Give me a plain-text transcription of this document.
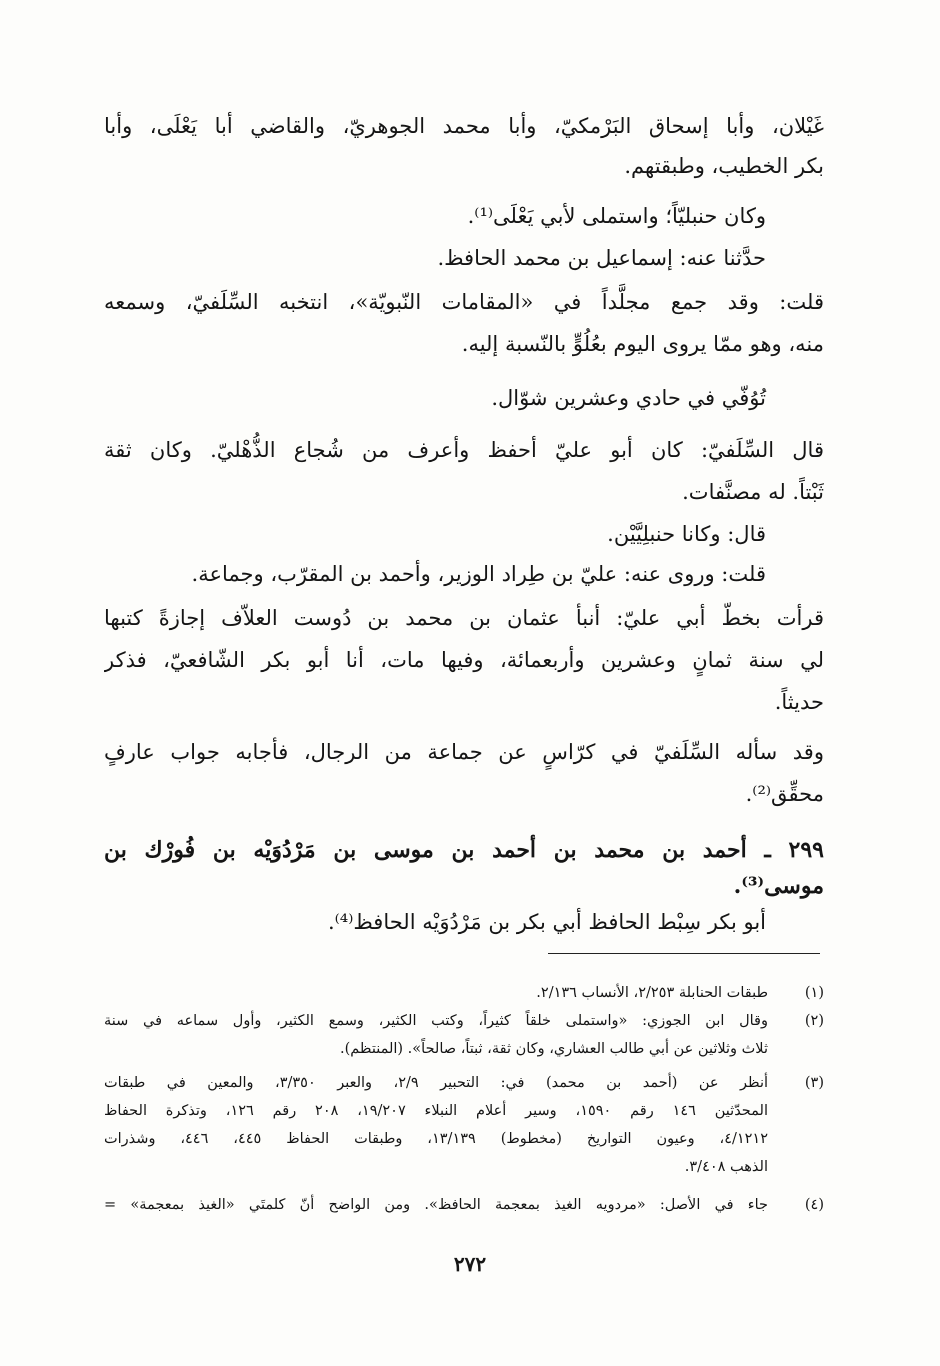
غَيْلان، وأبا إسحاق البَرْمكيّ، وأبا محمد الجوهريّ، والقاضي أبا يَعْلَى، وأبا
بكر الخطيب، وطبقتهم.
وكان حنبليّاً؛ واستملى لأبي يَعْلَى⁽¹⁾.
حدَّثنا عنه: إسماعيل بن محمد الحافظ.
قلت: وقد جمع مجلَّداً في «المقامات النّبويّة»، انتخبه السِّلَفيّ، وسمعه
منه، وهو ممّا يروى اليوم بعُلُوٍّ بالنّسبة إليه.
تُوُفّي في حادي وعشرين شوّال.
قال السِّلَفيّ: كان أبو عليّ أحفظ وأعرف من شُجاع الذُّهْليّ. وكان ثقة
ثَبْتاً. له مصنَّفات.
قال: وكانا حنبلِيَّيْن.
قلت: وروى عنه: عليّ بن طِراد الوزير، وأحمد بن المقرّب، وجماعة.
قرأت بخطّ أبي عليّ: أنبأ عثمان بن محمد بن دُوست العلاّف إجازةً كتبها
لي سنة ثمانٍ وعشرين وأربعمائة، وفيها مات، أنا أبو بكر الشّافعيّ، فذكر
حديثاً.
وقد سأله السِّلَفيّ في كرّاسٍ عن جماعة من الرجال، فأجابه جواب عارفٍ
محقِّق⁽²⁾.
٢٩٩ ـ أحمد بن محمد بن أحمد بن موسى بن مَرْدُوَيْه بن فُورْك بن
موسى⁽³⁾.
أبو بكر سِبْط الحافظ أبي بكر بن مَرْدُوَيْه الحافظ⁽⁴⁾.
(١)
طبقات الحنابلة ٢/٢٥٣، الأنساب ٢/١٣٦.
(٢)
وقال ابن الجوزي: «واستملى خلقاً كثيراً، وكتب الكثير، وسمع الكثير، وأول سماعه في سنة
ثلاث وثلاثين عن أبي طالب العشاري، وكان ثقة، ثبتاً، صالحاً». (المنتظم).
(٣)
أنظر عن (أحمد بن محمد) في: التحبير ٢/٩، والعبر ٣/٣٥٠، والمعين في طبقات
المحدّثين ١٤٦ رقم ١٥٩٠، وسير أعلام النبلاء ١٩/٢٠٧، ٢٠٨ رقم ١٢٦، وتذكرة الحفاظ
٤/١٢١٢، وعيون التواريخ (مخطوط) ١٣/١٣٩، وطبقات الحفاظ ٤٤٥، ٤٤٦، وشذرات
الذهب ٣/٤٠٨.
(٤)
جاء في الأصل: «مردويه الغيذ بمعجمة الحافظ». ومن الواضح أنّ كلمتَي «الغيذ بمعجمة» =
٢٧٢
